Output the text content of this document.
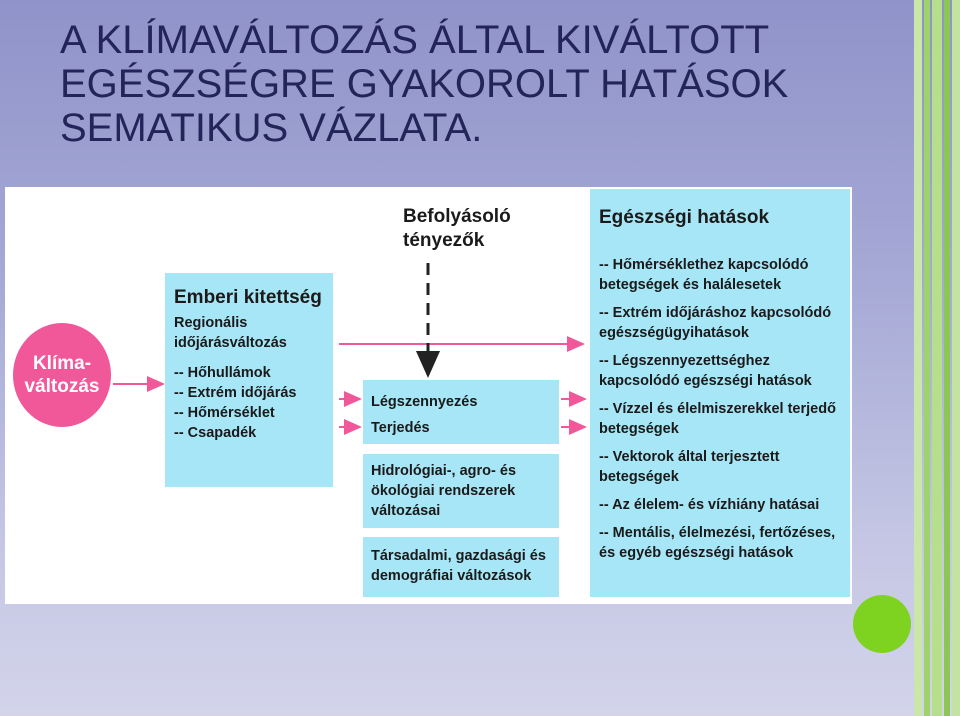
A KLÍMAVÁLTOZÁS ÁLTAL KIVÁLTOTT
EGÉSZSÉGRE GYAKOROLT HATÁSOK
SEMATIKUS VÁZLATA.
Klíma-
változás
Emberi kitettség
Regionális
időjárásváltozás
-- Hőhullámok
-- Extrém időjárás
-- Hőmérséklet
-- Csapadék
Befolyásoló
tényezők
Légszennyezés
Terjedés
Hidrológiai-, agro- és
ökológiai rendszerek
változásai
Társadalmi, gazdasági és
demográfiai változások
Egészségi hatások
-- Hőmérséklethez kapcsolódó
betegségek és halálesetek
-- Extrém időjáráshoz kapcsolódó
egészségügyihatások
-- Légszennyezettséghez
kapcsolódó egészségi hatások
-- Vízzel és élelmiszerekkel terjedő
betegségek
-- Vektorok által terjesztett
betegségek
-- Az élelem- és vízhiány hatásai
-- Mentális, élelmezési, fertőzéses,
és egyéb egészségi hatások
